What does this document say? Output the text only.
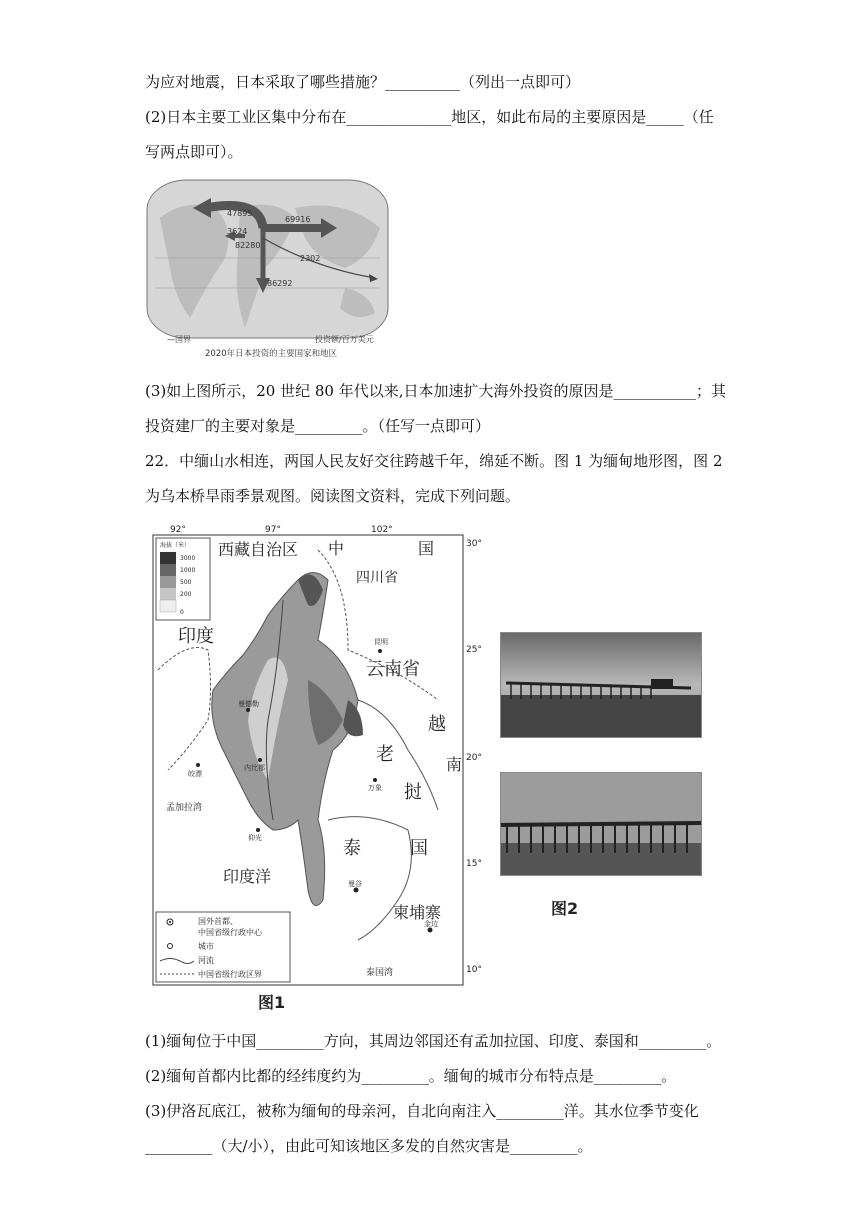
为应对地震，日本采取了哪些措施？__________（列出一点即可）
(2)日本主要工业区集中分布在______________地区，如此布局的主要原因是_____（任
写两点即可）。
47895
69916
3624
82280
2302
86292
—国界	投资额/百万美元
2020年日本投资的主要国家和地区
(3)如上图所示，20 世纪 80 年代以来,日本加速扩大海外投资的原因是___________；其
投资建厂的主要对象是_________。（任写一点即可）
22．中缅山水相连，两国人民友好交往跨越千年，绵延不断。图 1 为缅甸地形图，图 2
为乌本桥旱雨季景观图。阅读图文资料，完成下列问题。
92°	97°	102°
30°
25°
20°
15°
10°
西藏自治区 中	国
四川省
印度
云南省
越
老
挝
南
泰	国
印度洋
柬埔寨
孟加拉湾
泰国湾
昆明
曼德勒
内比都
仰光
万象
曼谷
金边
皎漂
海拔（米）
3000
1000
500
200
0
国外首都、
中国省级行政中心
城市
河流
中国省级行政区界
图1
图2
(1)缅甸位于中国_________方向，其周边邻国还有孟加拉国、印度、泰国和_________。
(2)缅甸首都内比都的经纬度约为_________。缅甸的城市分布特点是_________。
(3)伊洛瓦底江，被称为缅甸的母亲河，自北向南注入_________洋。其水位季节变化
_________（大/小），由此可知该地区多发的自然灾害是_________。
